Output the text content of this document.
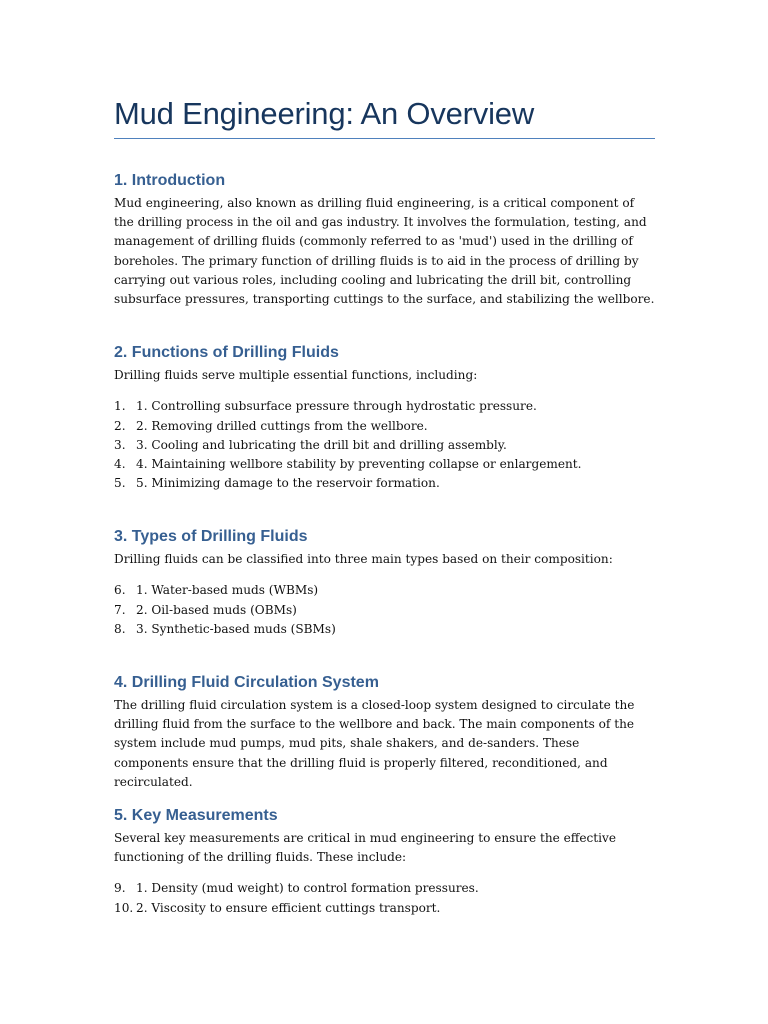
Mud Engineering: An Overview
1. Introduction

Mud engineering, also known as drilling fluid engineering, is a critical component of the drilling process in the oil and gas industry. It involves the formulation, testing, and management of drilling fluids (commonly referred to as 'mud') used in the drilling of boreholes. The primary function of drilling fluids is to aid in the process of drilling by carrying out various roles, including cooling and lubricating the drill bit, controlling subsurface pressures, transporting cuttings to the surface, and stabilizing the wellbore.

2. Functions of Drilling Fluids

Drilling fluids serve multiple essential functions, including:

1. 1. Controlling subsurface pressure through hydrostatic pressure.
2. 2. Removing drilled cuttings from the wellbore.
3. 3. Cooling and lubricating the drill bit and drilling assembly.
4. 4. Maintaining wellbore stability by preventing collapse or enlargement.
5. 5. Minimizing damage to the reservoir formation.
3. Types of Drilling Fluids

Drilling fluids can be classified into three main types based on their composition:

6. 1. Water-based muds (WBMs)
7. 2. Oil-based muds (OBMs)
8. 3. Synthetic-based muds (SBMs)
4. Drilling Fluid Circulation System

The drilling fluid circulation system is a closed-loop system designed to circulate the drilling fluid from the surface to the wellbore and back. The main components of the system include mud pumps, mud pits, shale shakers, and de-sanders. These components ensure that the drilling fluid is properly filtered, reconditioned, and recirculated.

5. Key Measurements

Several key measurements are critical in mud engineering to ensure the effective functioning of the drilling fluids. These include:

9. 1. Density (mud weight) to control formation pressures.
10. 2. Viscosity to ensure efficient cuttings transport.
